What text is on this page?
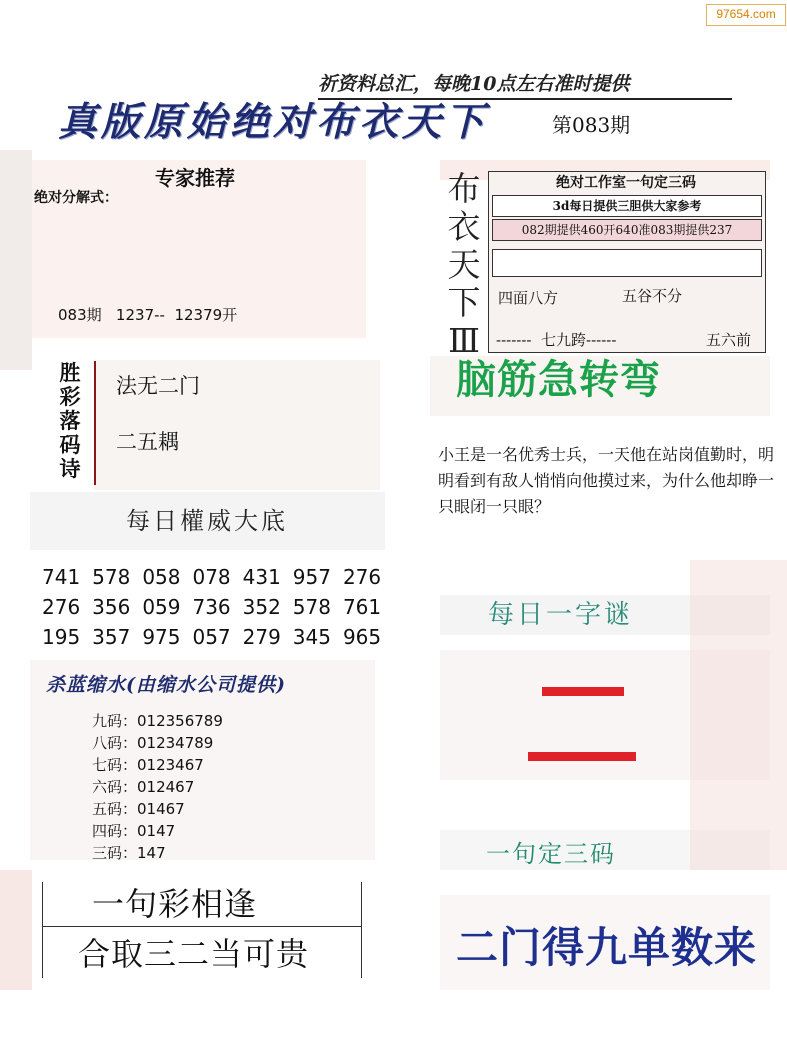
97654.com
祈资料总汇，每晚10点左右准时提供
真版原始绝对布衣天下	第083期
专家推荐
绝对分解式：
083期   1237--  12379开
胜
彩
落
码
诗
法无二门
二五耦
每日權威大底
741 578 058 078 431 957 276
276 356 059 736 352 578 761
195 357 975 057 279 345 965
杀蓝缩水(由缩水公司提供)
九码：012356789
八码：01234789
七码：0123467
六码：012467
五码：01467
四码：0147
三码：147
一句彩相逢
合取三二当可贵
布
衣
天
下
Ⅲ
绝对工作室一句定三码
3d每日提供三胆供大家参考
082期提供460开640准083期提供237
四面八方	五谷不分
-------  七九跨------	五六前
脑筋急转弯
小王是一名优秀士兵，一天他在站岗值勤时，明明看到有敌人悄悄向他摸过来，为什么他却睁一只眼闭一只眼？
每日一字谜
一句定三码
二门得九单数来
